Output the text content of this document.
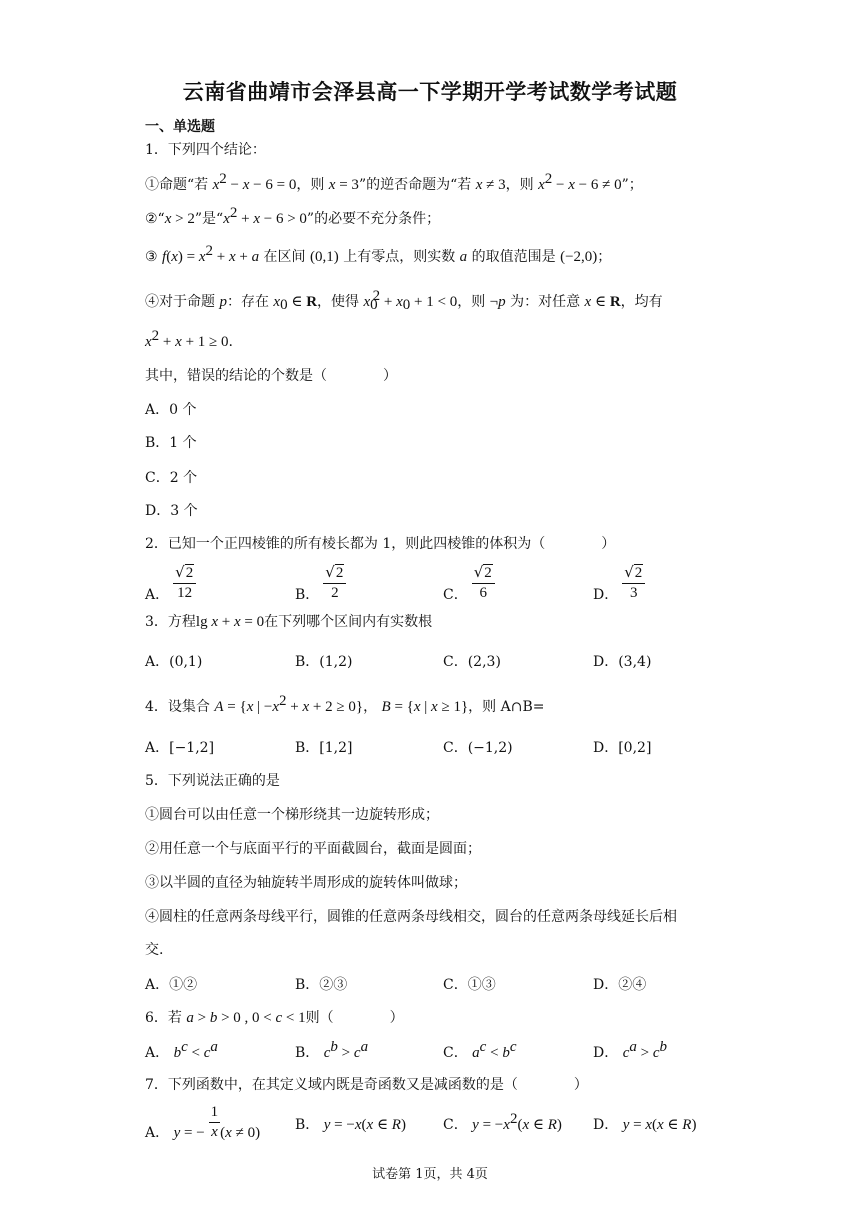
云南省曲靖市会泽县高一下学期开学考试数学考试题
一、单选题
1．下列四个结论：
①命题“若 $x^2 - x - 6 = 0$，则 x = 3”的逆否命题为“若 x ≠ 3，则 $x^2 - x - 6 \ne 0$”；
②“x > 2”是“$x^2 + x - 6 > 0$”的必要不充分条件；
③ $f(x) = x^2 + x + a$ 在区间 (0,1) 上有零点，则实数 a 的取值范围是 (−2,0)；
④对于命题 p：存在 $x_0$ ∈ R，使得 $x_0^2 + x_0 + 1 < 0$，则 ¬p 为：对任意 x ∈ R，均有
$x^2 + x + 1 \ge 0$.
其中，错误的结论的个数是（　　　　）
A．0 个
B．1 个
C．2 个
D．3 个
2．已知一个正四棱锥的所有棱长都为 1，则此四棱锥的体积为（　　　　）
A． $\frac{√2}{12}$	B． $\frac{√2}{2}$	C． $\frac{√2}{6}$	D． $\frac{√2}{3}$
3．方程lg x + x = 0在下列哪个区间内有实数根
A．(0,1)	B．(1,2)	C．(2,3)	D．(3,4)
4．设集合 A = {x | $-x^2 + x + 2 \ge 0$}， B = {x | x ≥ 1}，则 A∩B=
A．[−1,2]	B．[1,2]	C．(−1,2)	D．[0,2]
5．下列说法正确的是
①圆台可以由任意一个梯形绕其一边旋转形成；
②用任意一个与底面平行的平面截圆台，截面是圆面；
③以半圆的直径为轴旋转半周形成的旋转体叫做球；
④圆柱的任意两条母线平行，圆锥的任意两条母线相交，圆台的任意两条母线延长后相
交.
A．①②	B．②③	C．①③	D．②④
6．若 a > b > 0 , 0 < c < 1则（　　　　）
A． $b^c < c^a$	B． $c^b > c^a$	C． $a^c < b^c$	D． $c^a > c^b$
7．下列函数中，在其定义域内既是奇函数又是减函数的是（　　　　）
A． y = − $\frac{1}{x} (x \ne 0)$ B． y = −x(x ∈ R)	C． $y = -x^2(x$ ∈ R) D． y = x(x ∈ R)
试卷第 1页，共 4页
